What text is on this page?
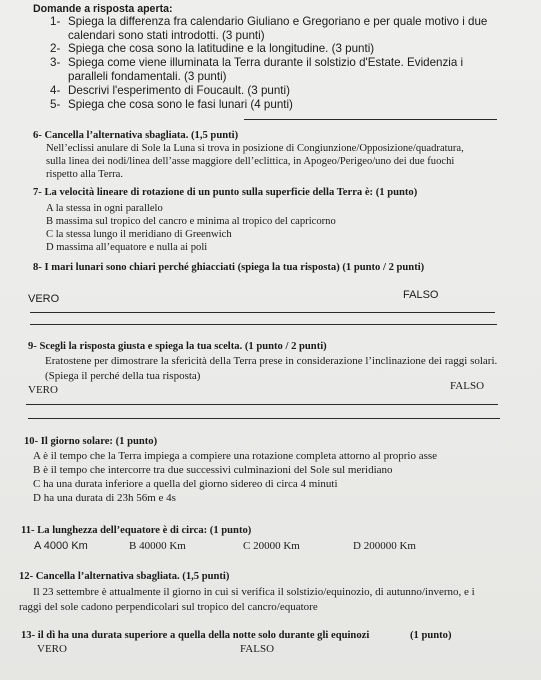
Domande a risposta aperta:
1- Spiega la differenza fra calendario Giuliano e Gregoriano e per quale motivo i due
calendari sono stati introdotti. (3 punti)
2- Spiega che cosa sono la latitudine e la longitudine. (3 punti)
3- Spiega come viene illuminata la Terra durante il solstizio d'Estate. Evidenzia i
paralleli fondamentali. (3 punti)
4- Descrivi l'esperimento di Foucault. (3 punti)
5- Spiega che cosa sono le fasi lunari (4 punti)
6- Cancella l’alternativa sbagliata. (1,5 punti)
Nell’eclissi anulare di Sole la Luna si trova in posizione di Congiunzione/Opposizione/quadratura,
sulla linea dei nodi/linea dell’asse maggiore dell’eclittica, in Apogeo/Perigeo/uno dei due fuochi
rispetto alla Terra.
7- La velocità lineare di rotazione di un punto sulla superficie della Terra è: (1 punto)
A la stessa in ogni parallelo
B massima sul tropico del cancro e minima al tropico del capricorno
C la stessa lungo il meridiano di Greenwich
D massima all’equatore e nulla ai poli
8- I mari lunari sono chiari perché ghiacciati (spiega la tua risposta) (1 punto / 2 punti)
VERO	FALSO
9- Scegli la risposta giusta e spiega la tua scelta. (1 punto / 2 punti)
Eratostene per dimostrare la sfericità della Terra prese in considerazione l’inclinazione dei raggi solari.
(Spiega il perché della tua risposta)
VERO	FALSO
10- Il giorno solare: (1 punto)
A è il tempo che la Terra impiega a compiere una rotazione completa attorno al proprio asse
B è il tempo che intercorre tra due successivi culminazioni del Sole sul meridiano
C ha una durata inferiore a quella del giorno sidereo di circa 4 minuti
D ha una durata di 23h 56m e 4s
11- La lunghezza dell’equatore è di circa: (1 punto)
A 4000 Km	B 40000 Km	C 20000 Km	D 200000 Km
12- Cancella l’alternativa sbagliata. (1,5 punti)
Il 23 settembre è attualmente il giorno in cui si verifica il solstizio/equinozio, di autunno/inverno, e i
raggi del sole cadono perpendicolari sul tropico del cancro/equatore
13- il dì ha una durata superiore a quella della notte solo durante gli equinozi	(1 punto)
VERO	FALSO
